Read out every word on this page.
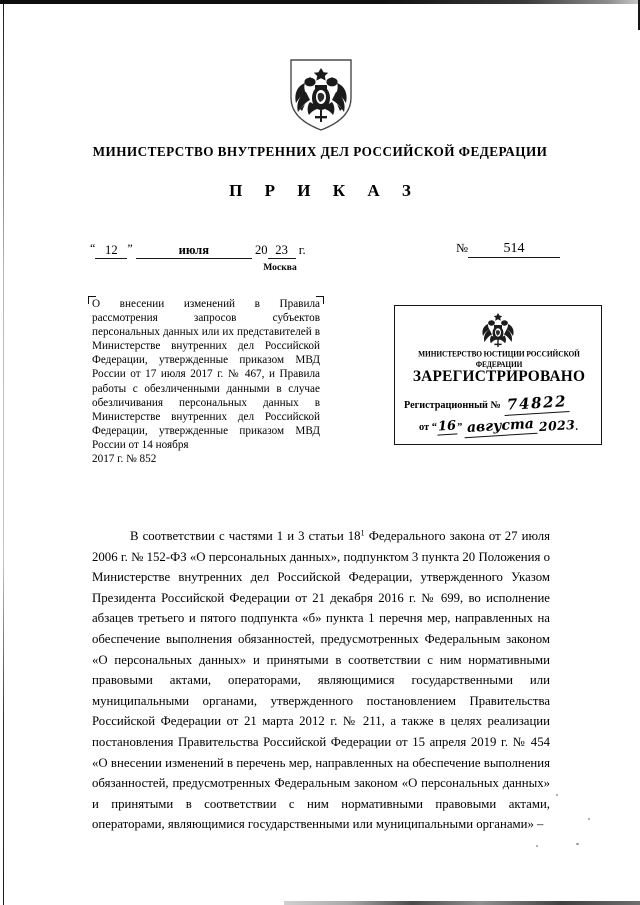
МИНИСТЕРСТВО ВНУТРЕННИХ ДЕЛ РОССИЙСКОЙ ФЕДЕРАЦИИ
П Р И К А З
“ 12 ”	июля	20 23 г.	№	514
Москва

О внесении изменений в Правила рассмотрения запросов субъектов персональных данных или их представителей в Министерстве внутренних дел Российской Федерации, утвержденные приказом МВД России от 17 июля 2017 г. № 467, и Правила работы с обезличенными данными в случае обезличивания персональных данных в Министерстве внутренних дел Российской Федерации, утвержденные приказом МВД России от 14 ноября

2017 г. № 852

МИНИСТЕРСТВО ЮСТИЦИИ РОССИЙСКОЙ ФЕДЕРАЦИИ
ЗАРЕГИСТРИРОВАНО
Регистрационный № 74822
от “16” августа 2023.

В соответствии с частями 1 и 3 статьи $18^1$ Федерального закона от 27 июля 2006 г. № 152-ФЗ «О персональных данных», подпунктом 3 пункта 20 Положения о Министерстве внутренних дел Российской Федерации, утвержденного Указом Президента Российской Федерации от 21 декабря 2016 г. № 699, во исполнение абзацев третьего и пятого подпункта «б» пункта 1 перечня мер, направленных на обеспечение выполнения обязанностей, предусмотренных Федеральным законом «О персональных данных» и принятыми в соответствии с ним нормативными правовыми актами, операторами, являющимися государственными или муниципальными органами, утвержденного постановлением Правительства Российской Федерации от 21 марта 2012 г. № 211, а также в целях реализации постановления Правительства Российской Федерации от 15 апреля 2019 г. № 454 «О внесении изменений в перечень мер, направленных на обеспечение выполнения обязанностей, предусмотренных Федеральным законом «О персональных данных» и принятыми в соответствии с ним нормативными правовыми актами, операторами, являющимися государственными или муниципальными органами» –
